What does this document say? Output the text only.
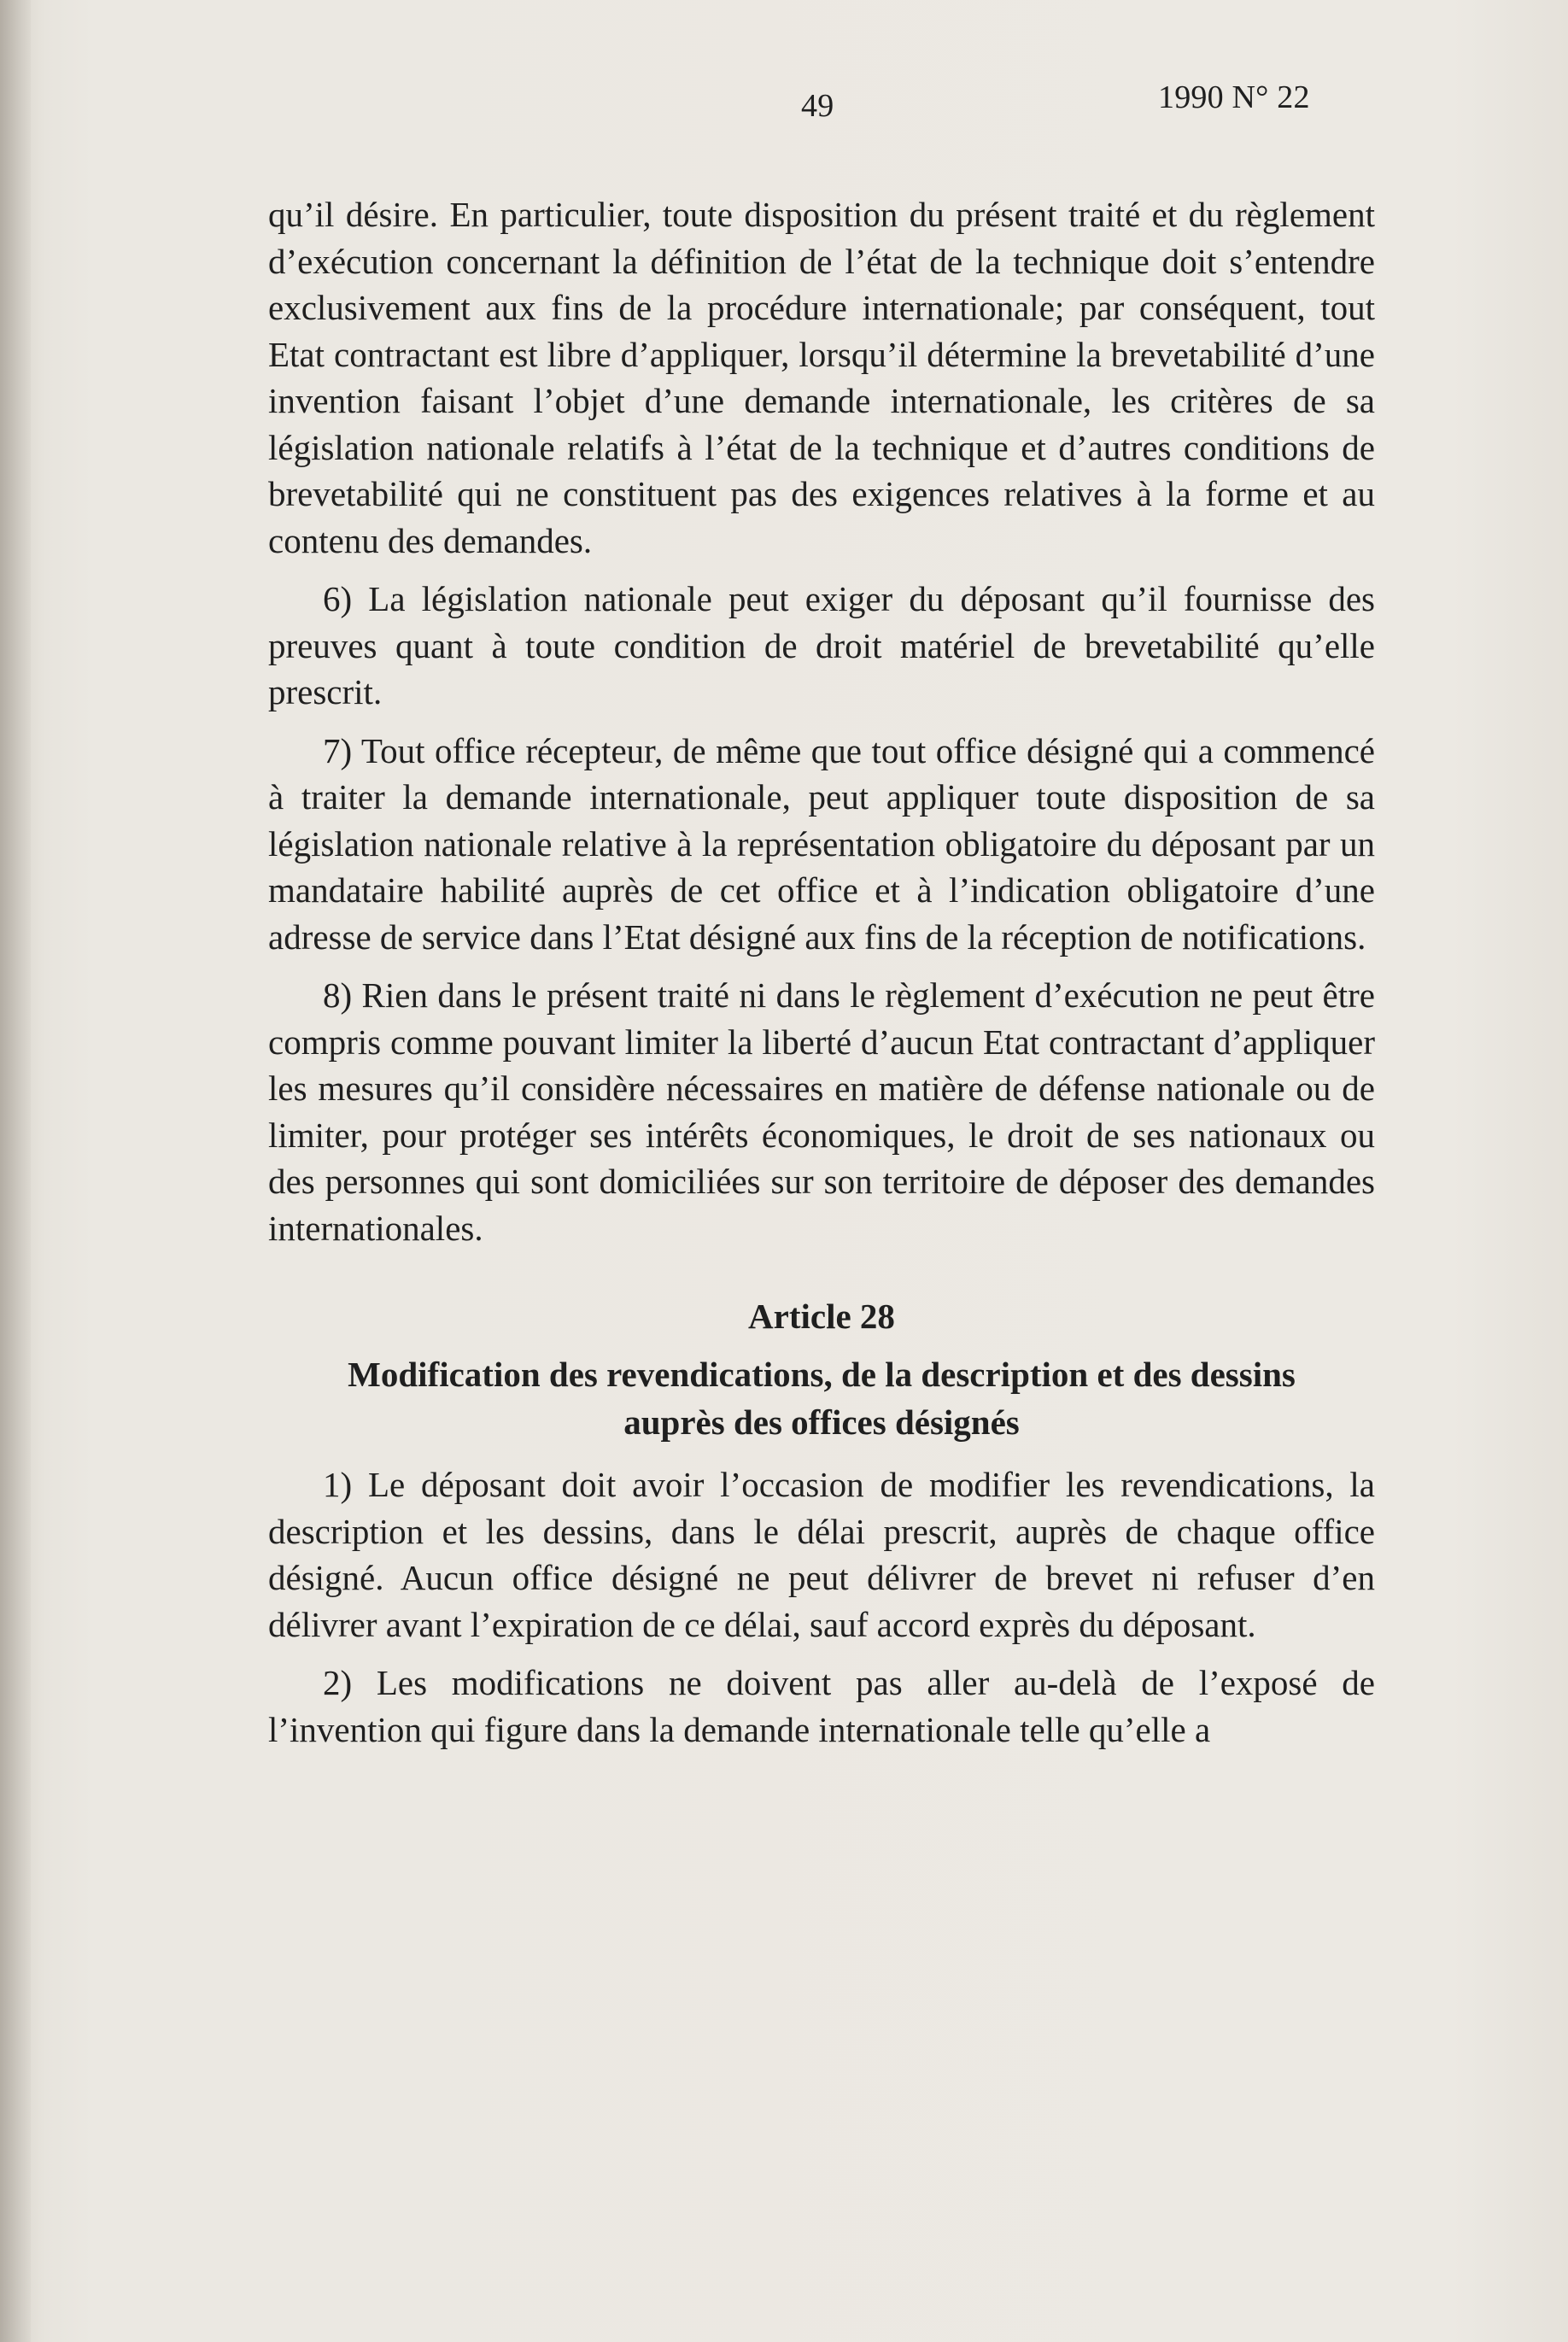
49	1990 N° 22

qu’il désire. En particulier, toute disposition du présent traité et du règlement d’exécution concernant la définition de l’état de la technique doit s’entendre exclusivement aux fins de la procédure internationale; par conséquent, tout Etat contractant est libre d’appliquer, lorsqu’il détermine la brevetabilité d’une invention faisant l’objet d’une demande internationale, les critères de sa législation nationale relatifs à l’état de la technique et d’autres conditions de brevetabilité qui ne constituent pas des exigences relatives à la forme et au contenu des demandes.

6) La législation nationale peut exiger du déposant qu’il fournisse des preuves quant à toute condition de droit matériel de brevetabilité qu’elle prescrit.

7) Tout office récepteur, de même que tout office désigné qui a commencé à traiter la demande internationale, peut appliquer toute disposition de sa législation nationale relative à la représentation obligatoire du déposant par un mandataire habilité auprès de cet office et à l’indication obligatoire d’une adresse de service dans l’Etat désigné aux fins de la réception de notifications.

8) Rien dans le présent traité ni dans le règlement d’exécution ne peut être compris comme pouvant limiter la liberté d’aucun Etat contractant d’appliquer les mesures qu’il considère nécessaires en matière de défense nationale ou de limiter, pour protéger ses intérêts économiques, le droit de ses nationaux ou des personnes qui sont domiciliées sur son territoire de déposer des demandes internationales.

Article 28
Modification des revendications, de la description et des dessins auprès des offices désignés

1) Le déposant doit avoir l’occasion de modifier les revendications, la description et les dessins, dans le délai prescrit, auprès de chaque office désigné. Aucun office désigné ne peut délivrer de brevet ni refuser d’en délivrer avant l’expiration de ce délai, sauf accord exprès du déposant.

2) Les modifications ne doivent pas aller au-delà de l’exposé de l’invention qui figure dans la demande internationale telle qu’elle a
